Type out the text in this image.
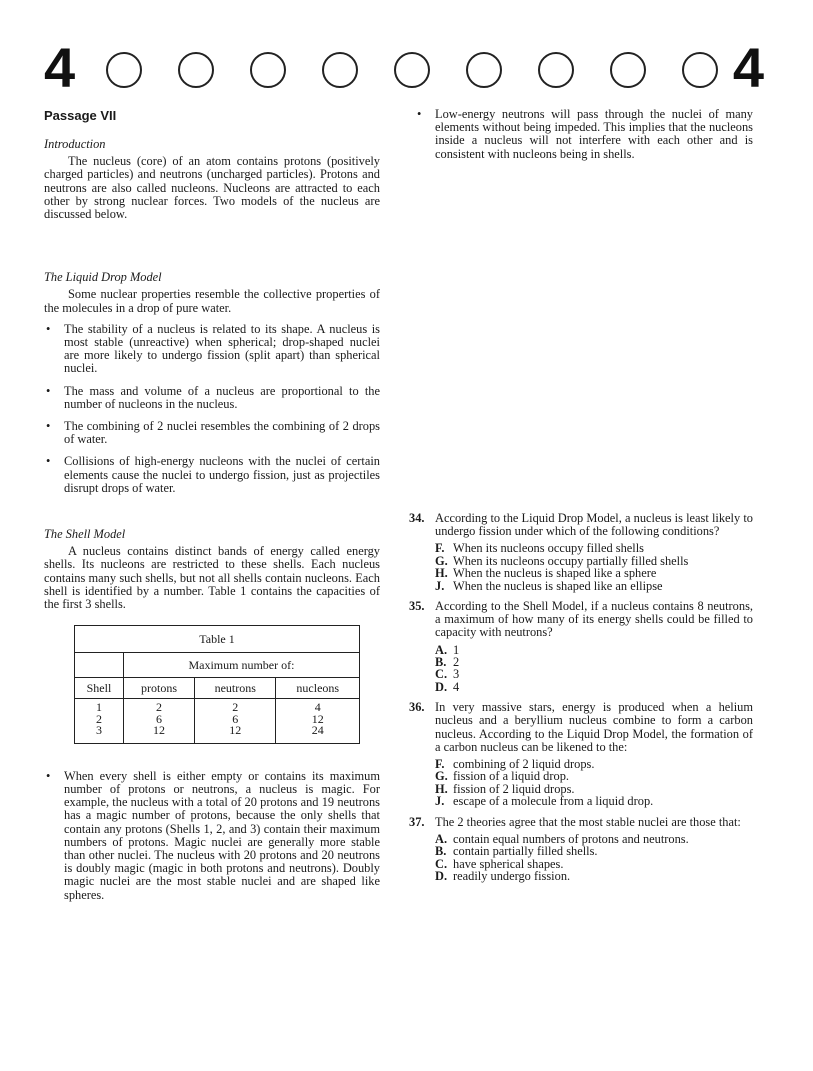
4	4
Passage VII
Introduction

The nucleus (core) of an atom contains protons (positively charged particles) and neutrons (uncharged particles). Protons and neutrons are also called nucleons. Nucleons are attracted to each other by strong nuclear forces. Two models of the nucleus are discussed below.

The Liquid Drop Model

Some nuclear properties resemble the collective properties of the molecules in a drop of pure water.

• The stability of a nucleus is related to its shape. A nucleus is most stable (unreactive) when spherical; drop-shaped nuclei are more likely to undergo fission (split apart) than spherical nuclei.
• The mass and volume of a nucleus are proportional to the number of nucleons in the nucleus.
• The combining of 2 nuclei resembles the combining of 2 drops of water.
• Collisions of high-energy nucleons with the nuclei of certain elements cause the nuclei to undergo fission, just as projectiles disrupt drops of water.
The Shell Model

A nucleus contains distinct bands of energy called energy shells. Its nucleons are restricted to these shells. Each nucleus contains many such shells, but not all shells contain nucleons. Each shell is identified by a number. Table 1 contains the capacities of the first 3 shells.

Table 1			
	Maximum number of:		
Shell	protons	neutrons	nucleons
1	2	2	4
2	6	6	12
3	12	12	24
• When every shell is either empty or contains its maximum number of protons or neutrons, a nucleus is magic. For example, the nucleus with a total of 20 protons and 19 neutrons has a magic number of protons, because the only shells that contain any protons (Shells 1, 2, and 3) contain their maximum numbers of protons. Magic nuclei are generally more stable than other nuclei. The nucleus with 20 protons and 20 neutrons is doubly magic (magic in both protons and neutrons). Doubly magic nuclei are the most stable nuclei and are shaped like spheres.
• Low-energy neutrons will pass through the nuclei of many elements without being impeded. This implies that the nucleons inside a nucleus will not interfere with each other and is consistent with nucleons being in shells.
34. According to the Liquid Drop Model, a nucleus is least likely to undergo fission under which of the following conditions?
F. When its nucleons occupy filled shells
G. When its nucleons occupy partially filled shells
H. When the nucleus is shaped like a sphere
J. When the nucleus is shaped like an ellipse
35. According to the Shell Model, if a nucleus contains 8 neutrons, a maximum of how many of its energy shells could be filled to capacity with neutrons?
A. 1
B. 2
C. 3
D. 4
36. In very massive stars, energy is produced when a helium nucleus and a beryllium nucleus combine to form a carbon nucleus. According to the Liquid Drop Model, the formation of a carbon nucleus can be likened to the:
F. combining of 2 liquid drops.
G. fission of a liquid drop.
H. fission of 2 liquid drops.
J. escape of a molecule from a liquid drop.
37. The 2 theories agree that the most stable nuclei are those that:
A. contain equal numbers of protons and neutrons.
B. contain partially filled shells.
C. have spherical shapes.
D. readily undergo fission.
